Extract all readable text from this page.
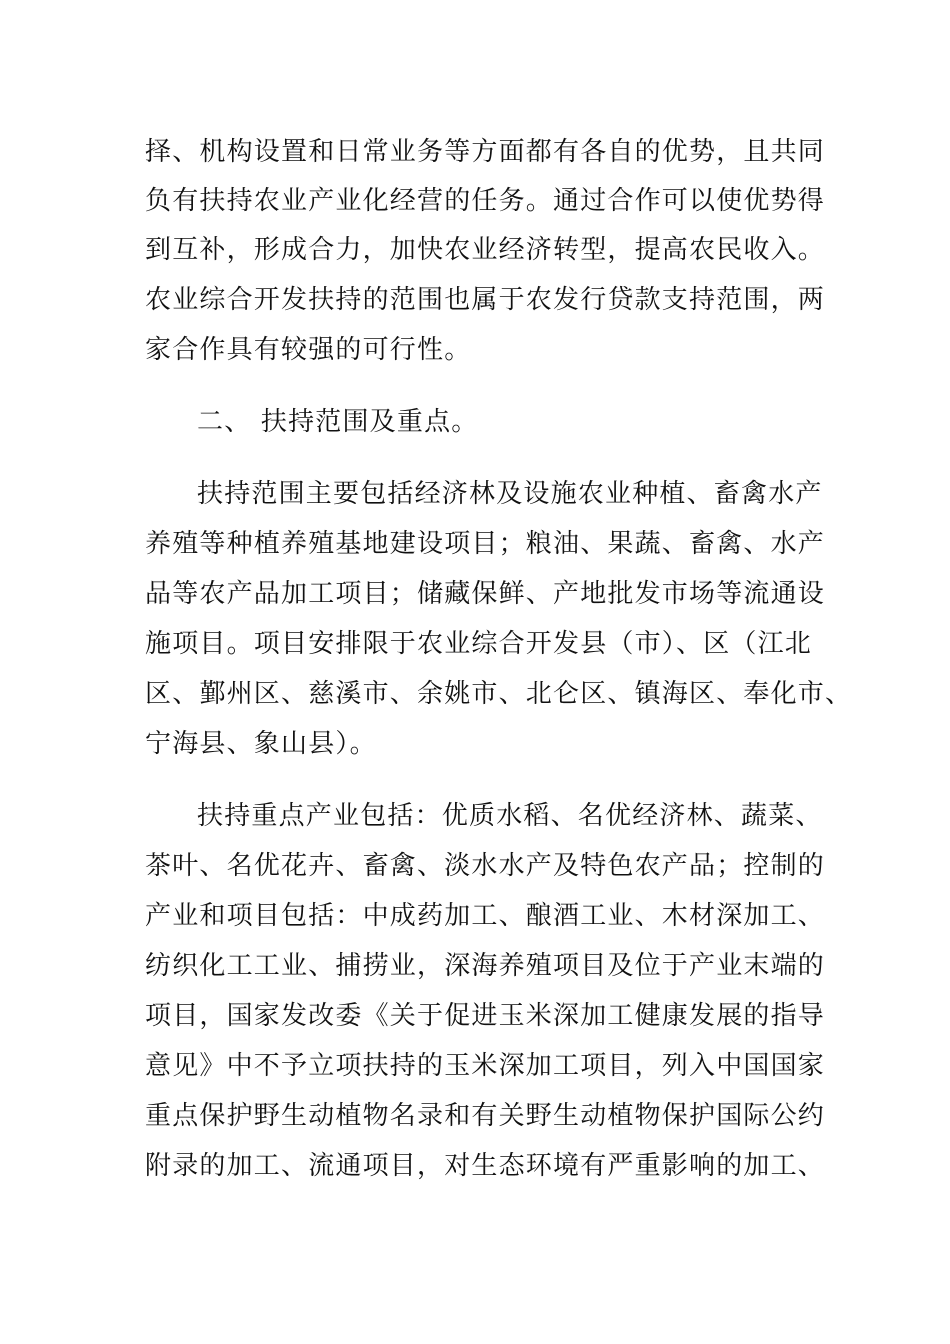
择、机构设置和日常业务等方面都有各自的优势，且共同
负有扶持农业产业化经营的任务。通过合作可以使优势得
到互补，形成合力，加快农业经济转型，提高农民收入。
农业综合开发扶持的范围也属于农发行贷款支持范围，两
家合作具有较强的可行性。
二、 扶持范围及重点。
扶持范围主要包括经济林及设施农业种植、畜禽水产
养殖等种植养殖基地建设项目；粮油、果蔬、畜禽、水产
品等农产品加工项目；储藏保鲜、产地批发市场等流通设
施项目。项目安排限于农业综合开发县（市）、区（江北
区、鄞州区、慈溪市、余姚市、北仑区、镇海区、奉化市、
宁海县、象山县）。
扶持重点产业包括：优质水稻、名优经济林、蔬菜、
茶叶、名优花卉、畜禽、淡水水产及特色农产品；控制的
产业和项目包括：中成药加工、酿酒工业、木材深加工、
纺织化工工业、捕捞业，深海养殖项目及位于产业末端的
项目，国家发改委《关于促进玉米深加工健康发展的指导
意见》中不予立项扶持的玉米深加工项目，列入中国国家
重点保护野生动植物名录和有关野生动植物保护国际公约
附录的加工、流通项目，对生态环境有严重影响的加工、
